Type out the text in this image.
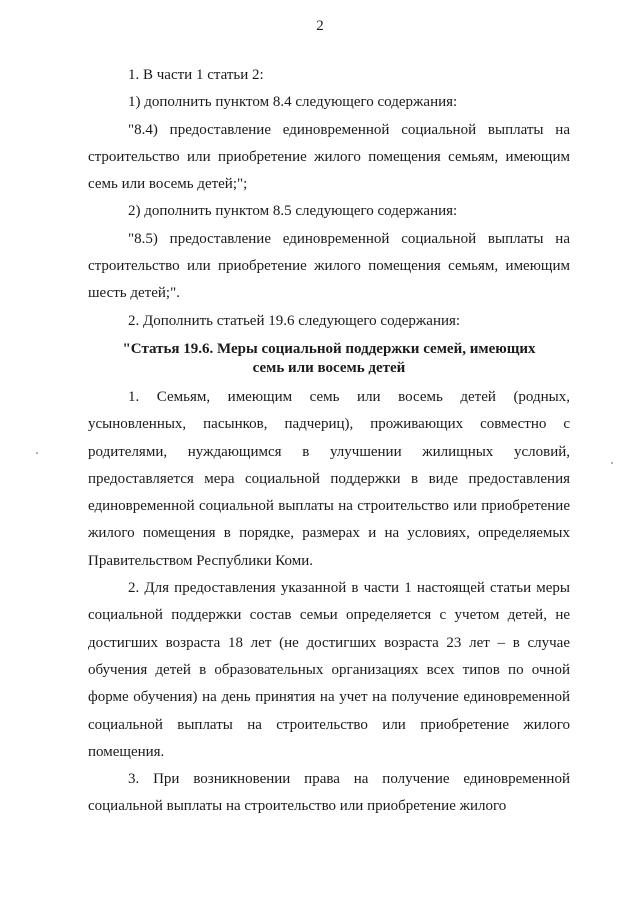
2

1. В части 1 статьи 2:

1) дополнить пунктом 8.4 следующего содержания:

"8.4) предоставление единовременной социальной выплаты на строительство или приобретение жилого помещения семьям, имеющим семь или восемь детей;";

2) дополнить пунктом 8.5 следующего содержания:

"8.5) предоставление единовременной социальной выплаты на строительство или приобретение жилого помещения семьям, имеющим шесть детей;".

2. Дополнить статьей 19.6 следующего содержания:

"Статья 19.6. Меры социальной поддержки семей, имеющих
семь или восемь детей

1. Семьям, имеющим семь или восемь детей (родных, усыновленных, пасынков, падчериц), проживающих совместно с родителями, нуждающимся в улучшении жилищных условий, предоставляется мера социальной поддержки в виде предоставления единовременной социальной выплаты на строительство или приобретение жилого помещения в порядке, размерах и на условиях, определяемых Правительством Республики Коми.

2. Для предоставления указанной в части 1 настоящей статьи меры социальной поддержки состав семьи определяется с учетом детей, не достигших возраста 18 лет (не достигших возраста 23 лет – в случае обучения детей в образовательных организациях всех типов по очной форме обучения) на день принятия на учет на получение единовременной социальной выплаты на строительство или приобретение жилого помещения.

3. При возникновении права на получение единовременной социальной выплаты на строительство или приобретение жилого
